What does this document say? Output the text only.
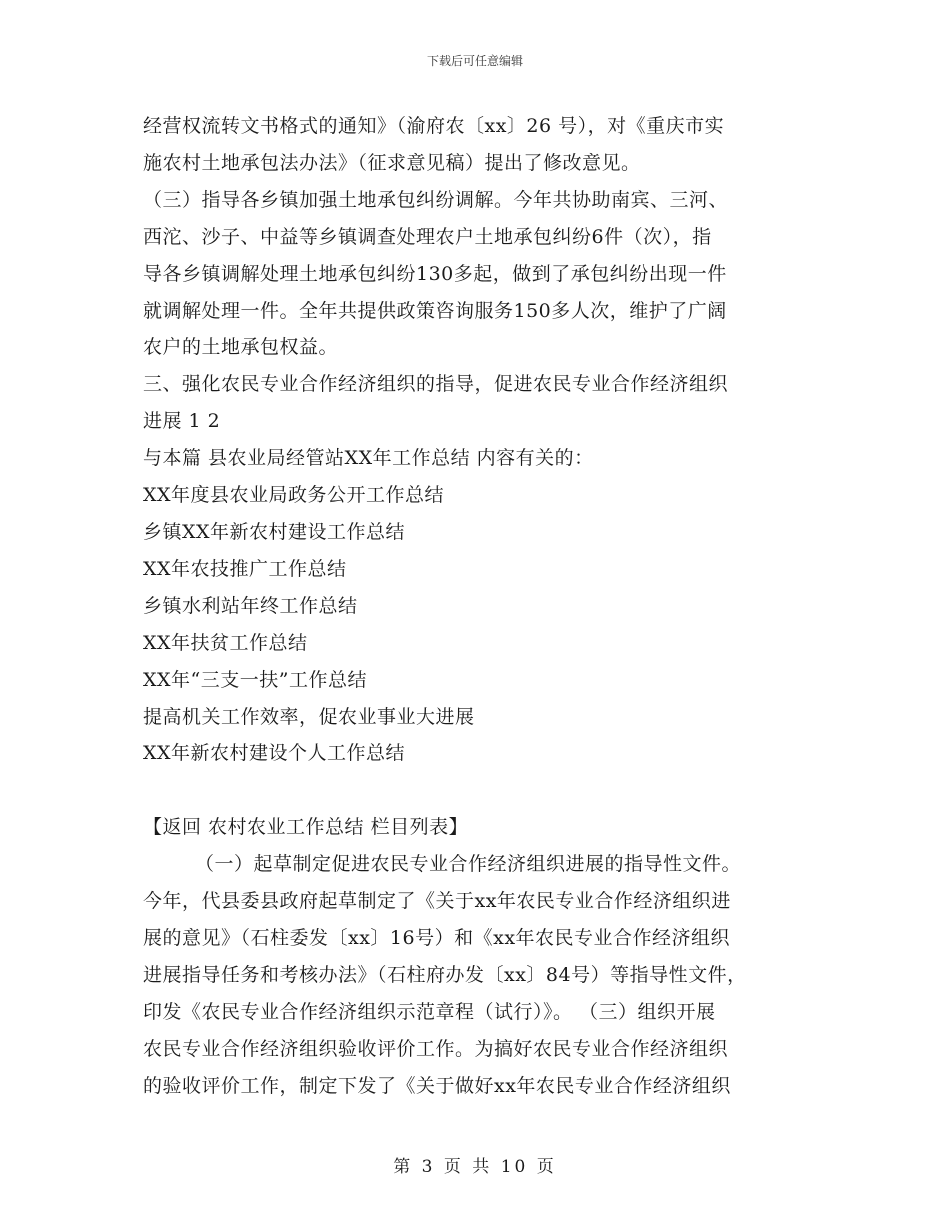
下载后可任意编辑

经营权流转文书格式的通知》（渝府农〔xx〕26 号），对《重庆市实

施农村土地承包法办法》（征求意见稿）提出了修改意见。

（三）指导各乡镇加强土地承包纠纷调解。今年共协助南宾、三河、

西沱、沙子、中益等乡镇调查处理农户土地承包纠纷6件（次），指

导各乡镇调解处理土地承包纠纷130多起，做到了承包纠纷出现一件

就调解处理一件。全年共提供政策咨询服务150多人次，维护了广阔

农户的土地承包权益。

三、强化农民专业合作经济组织的指导，促进农民专业合作经济组织

进展 1 2

与本篇 县农业局经管站XX年工作总结 内容有关的：

XX年度县农业局政务公开工作总结

乡镇XX年新农村建设工作总结

XX年农技推广工作总结

乡镇水利站年终工作总结

XX年扶贫工作总结

XX年“三支一扶”工作总结

提高机关工作效率，促农业事业大进展

XX年新农村建设个人工作总结

【返回 农村农业工作总结 栏目列表】

（一）起草制定促进农民专业合作经济组织进展的指导性文件。

今年，代县委县政府起草制定了《关于xx年农民专业合作经济组织进

展的意见》（石柱委发〔xx〕16号）和《xx年农民专业合作经济组织

进展指导任务和考核办法》（石柱府办发〔xx〕84号）等指导性文件，

印发《农民专业合作经济组织示范章程（试行）》。 （三）组织开展

农民专业合作经济组织验收评价工作。为搞好农民专业合作经济组织

的验收评价工作，制定下发了《关于做好xx年农民专业合作经济组织

第 3 页 共 10 页
